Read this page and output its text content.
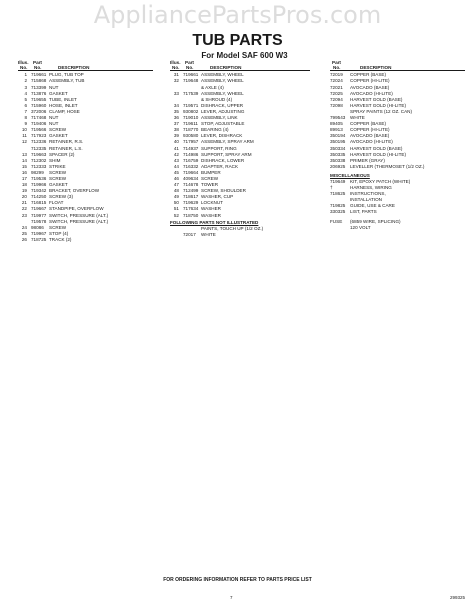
AppliancePartsPros.com
TUB PARTS
For Model SAF 600 W3
Illus. Part
No. No.	DESCRIPTION
1 719661 PLUG, TUB TOP
2 715868 ASSEMBLY, TUB
3 713399 NUT
4 713876 GASKET
5 719655 TUBE, INLET
6 715960 HOSE, INLET
7 372006 CLAMP, HOSE
8 717468 NUT
9 719406 NUT
10 719566 SCREW
11 717923 GASKET
12 712336 RETAINER, R.S.
712335 RETAINER, L.S.
13 719663 SPACER (2)
14 712302 SHIM
15 712333 STRIKE
16 98299 SCREW
17 719536 SCREW
18 719966 GASKET
19 719342 BRACKET, OVERFLOW
20 714250 SCREW (3)
21 716815 FLOAT
22 719667 STANDPIPE, OVERFLOW
23 719977 SWITCH, PRESSURE (ALT.)
719578 SWITCH, PRESSURE (ALT.)
24 98086 SCREW
25 719967 STOP (4)
26 718725 TRACK (2)
Illus. Part
No. No.	DESCRIPTION
31 719661 ASSEMBLY, WHEEL
32 719648 ASSEMBLY, WHEEL
& AXLE (4)
33 717539 ASSEMBLY, WHEEL
& SHROUD (4)
34 719571 DISHRACK, UPPER
35 930802 LEVER, ADJUSTING
36 719010 ASSEMBLY, LINK
37 719611 STOP, ADJUSTABLE
38 718770 BEARING (4)
39 930580 LEVER, DISHRACK
40 717957 ASSEMBLY, SPRAY ARM
41 714937 SUPPORT, RING
42 714986 SUPPORT, SPRAY ARM
43 716759 DISHRACK, LOWER
44 716332 ADAPTER, RACK
45 719664 BUMPER
46 409634 SCREW
47 714678 TOWER
48 712499 SCREW, SHOULDER
49 718617 WASHER, CUP
50 719629 LOCKNUT
51 717634 WASHER
52 718750 WASHER
FOLLOWING PARTS NOT ILLUSTRATED
PAINTS, TOUCH UP (1/2 OZ.)
72017 WHITE
Part
No.	DESCRIPTION
72019 COPPER (BASE)
72024 COPPER (HI-LITE)
72021 AVOCADO (BASE)
72025 AVOCADO (HI-LITE)
72094 HARVEST GOLD (BASE)
72098 HARVEST GOLD (HI-LITE)
SPRAY PAINTS (12 OZ. CAN)
799543 WHITE
89405 COPPER (BASE)
89913 COPPER (HI-LITE)
350194 AVOCADO (BASE)
350195 AVOCADO (HI-LITE)
350334 HARVEST GOLD (BASE)
350335 HARVEST GOLD (HI-LITE)
350338 PRIMER (GRAY)
206925 LEVELLER (THERMOSET (1/2 OZ.)
MISCELLANEOUS
719649 KIT, EPOXY PATCH (WHITE)
†	HARNESS, WIRING
718625 INSTRUCTIONS,
INSTALLATION
719825 GUIDE, USE & CARE
330325 LIST, PARTS
FUSE (6859 WIRE, SPLICING)
120 VOLT
FOR ORDERING INFORMATION REFER TO PARTS PRICE LIST
7	299325
